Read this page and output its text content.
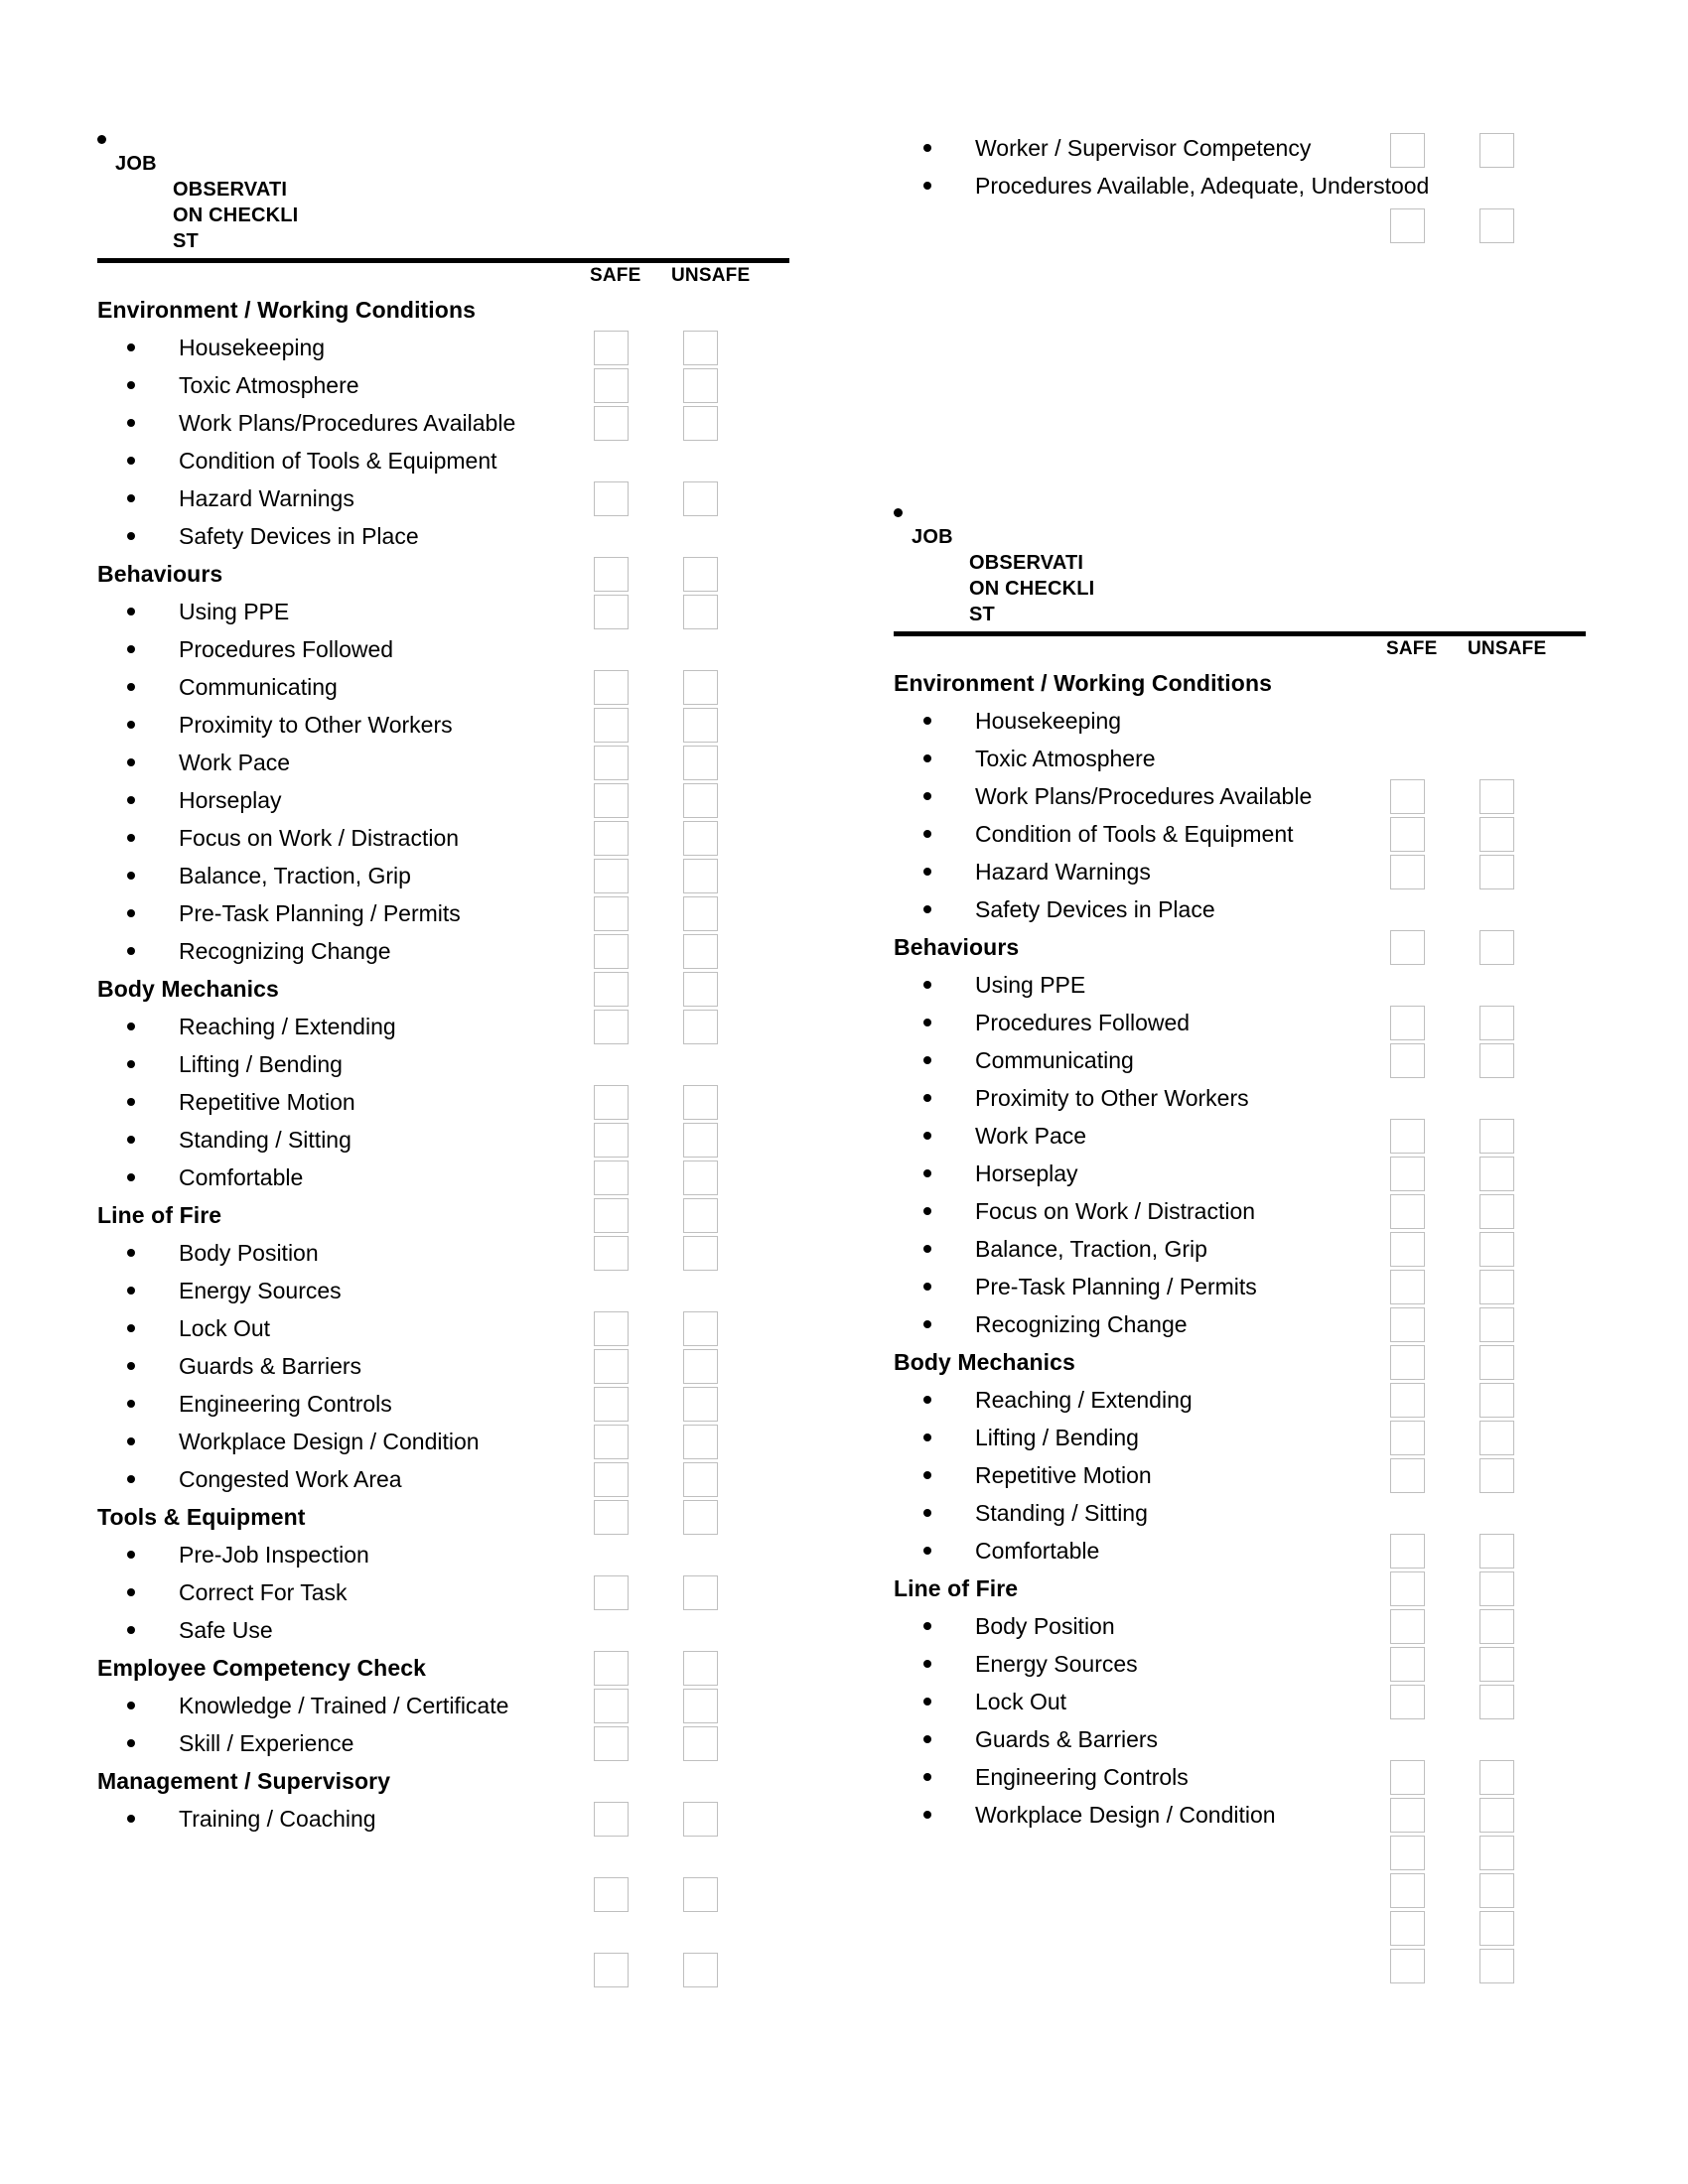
JOB
OBSERVATION CHECKLIST
SAFE UNSAFE
Environment / Working Conditions
Housekeeping
Toxic Atmosphere
Work Plans/Procedures Available
Condition of Tools & Equipment
Hazard Warnings
Safety Devices in Place
Behaviours
Using PPE
Procedures Followed
Communicating
Proximity to Other Workers
Work Pace
Horseplay
Focus on Work / Distraction
Balance, Traction, Grip
Pre-Task Planning / Permits
Recognizing Change
Body Mechanics
Reaching / Extending
Lifting / Bending
Repetitive Motion
Standing / Sitting
Comfortable
Line of Fire
Body Position
Energy Sources
Lock Out
Guards & Barriers
Engineering Controls
Workplace Design / Condition
Congested Work Area
Tools & Equipment
Pre-Job Inspection
Correct For Task
Safe Use
Employee Competency Check
Knowledge / Trained / Certificate
Skill / Experience
Management / Supervisory
Training / Coaching
Worker / Supervisor Competency
Procedures Available, Adequate, Understood
JOB
OBSERVATION CHECKLIST
SAFE UNSAFE
Environment / Working Conditions
Housekeeping
Toxic Atmosphere
Work Plans/Procedures Available
Condition of Tools & Equipment
Hazard Warnings
Safety Devices in Place
Behaviours
Using PPE
Procedures Followed
Communicating
Proximity to Other Workers
Work Pace
Horseplay
Focus on Work / Distraction
Balance, Traction, Grip
Pre-Task Planning / Permits
Recognizing Change
Body Mechanics
Reaching / Extending
Lifting / Bending
Repetitive Motion
Standing / Sitting
Comfortable
Line of Fire
Body Position
Energy Sources
Lock Out
Guards & Barriers
Engineering Controls
Workplace Design / Condition
